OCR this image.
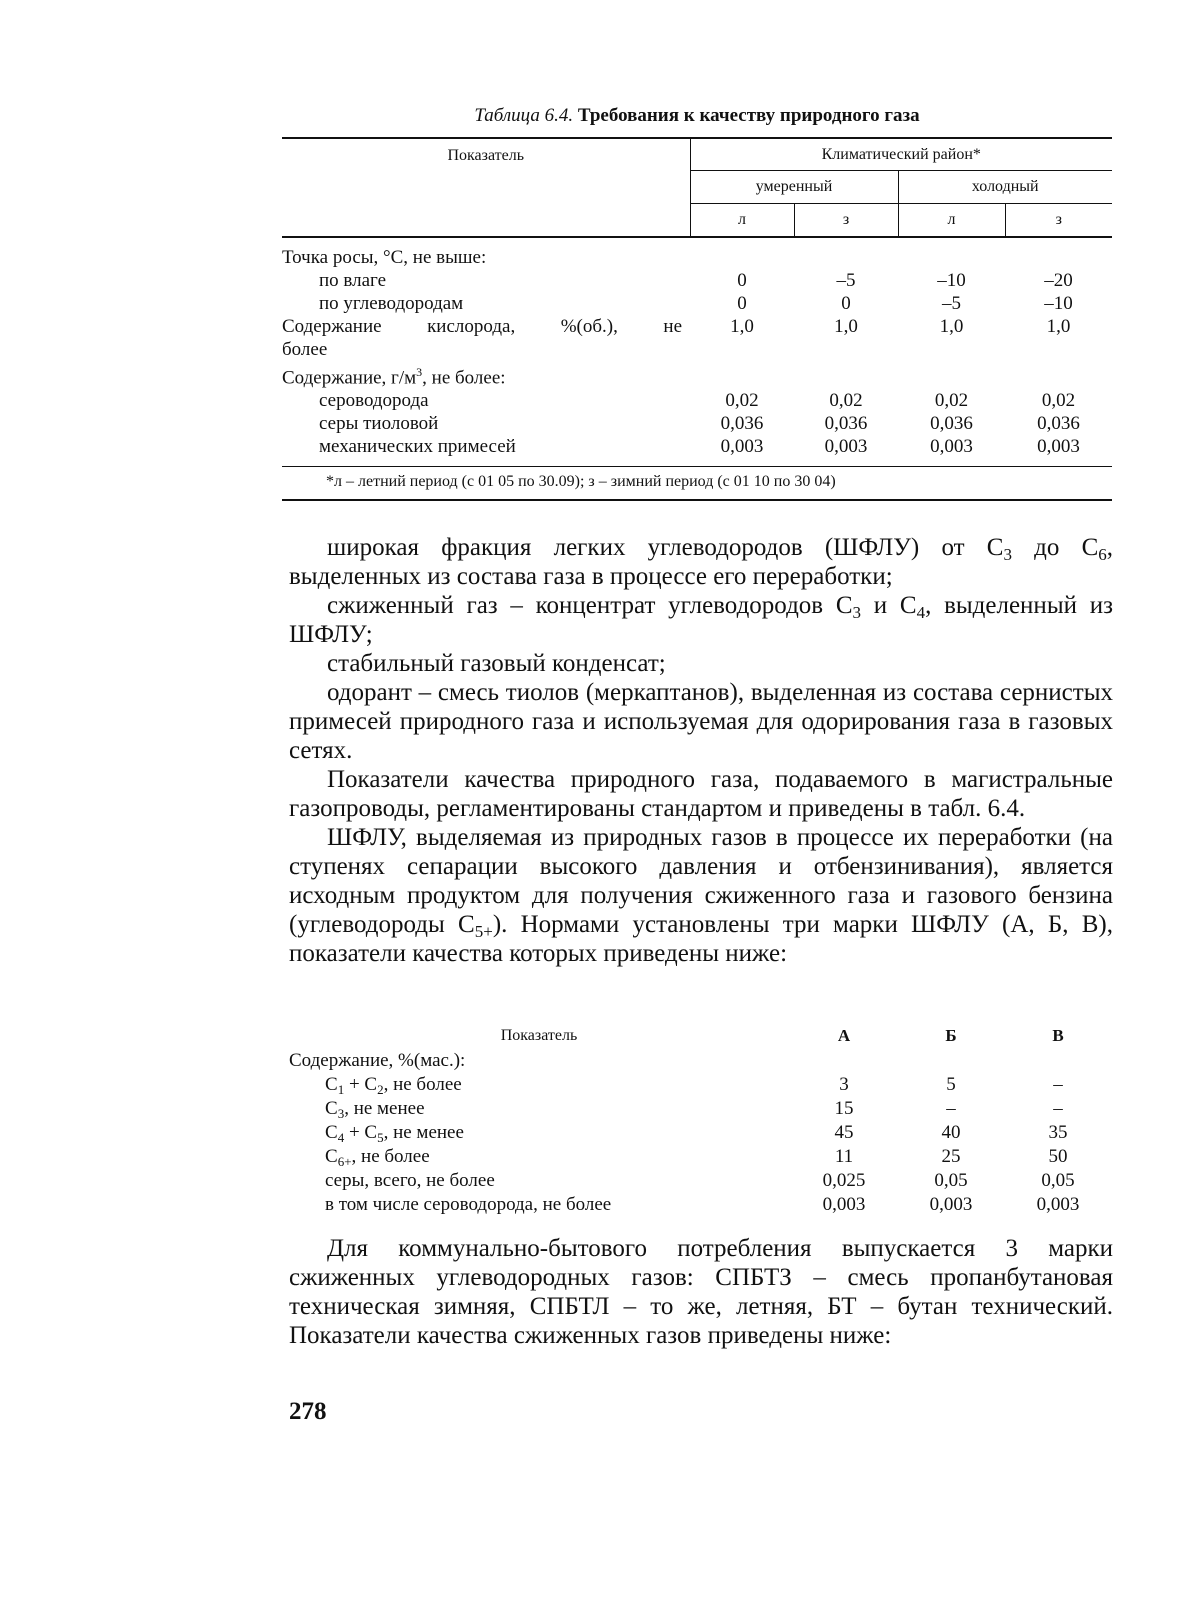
Таблица 6.4. Требования к качеству природного газа
Показатель	Климатический район*			
	умеренный		холодный	
	л	з	л	з
Точка росы, °С, не выше:				
по влаге	0	–5	–10	–20
по углеводородам	0	0	–5	–10

Содержание кислорода, %(об.), не
более	1,0	1,0	1,0	1,0
Содержание, $г/м^3$, не более:				
сероводорода	0,02	0,02	0,02	0,02
серы тиоловой	0,036	0,036	0,036	0,036
механических примесей	0,003	0,003	0,003	0,003
*л – летний период (с 01 05 по 30.09); з – зимний период (с 01 10 по 30 04)

широкая фракция легких углеводородов (ШФЛУ) от $С_3$ до $С_6$, выделенных из состава газа в процессе его переработки;

сжиженный газ – концентрат углеводородов $С_3$ и $С_4$, выделенный из ШФЛУ;

стабильный газовый конденсат;

одорант – смесь тиолов (меркаптанов), выделенная из состава сернистых примесей природного газа и используемая для одорирования газа в газовых сетях.

Показатели качества природного газа, подаваемого в магистральные газопроводы, регламентированы стандартом и приведены в табл. 6.4.

ШФЛУ, выделяемая из природных газов в процессе их переработки (на ступенях сепарации высокого давления и отбензинивания), является исходным продуктом для получения сжиженного газа и газового бензина (углеводороды $С_{5+}$). Нормами установлены три марки ШФЛУ (А, Б, В), показатели качества которых приведены ниже:

Показатель	А	Б	В
Содержание, %(мас.):			
$С_1 + С_2$, не более	3	5	–
$С_3$, не менее	15	–	–
$С_4 + С_5$, не менее	45	40	35
$С_{6+}$, не более	11	25	50
серы, всего, не более	0,025	0,05	0,05
в том числе сероводорода, не более	0,003	0,003	0,003

Для коммунально-бытового потребления выпускается 3 марки сжиженных углеводородных газов: СПБТЗ – смесь пропанбутановая техническая зимняя, СПБТЛ – то же, летняя, БТ – бутан технический. Показатели качества сжиженных газов приведены ниже:

278
